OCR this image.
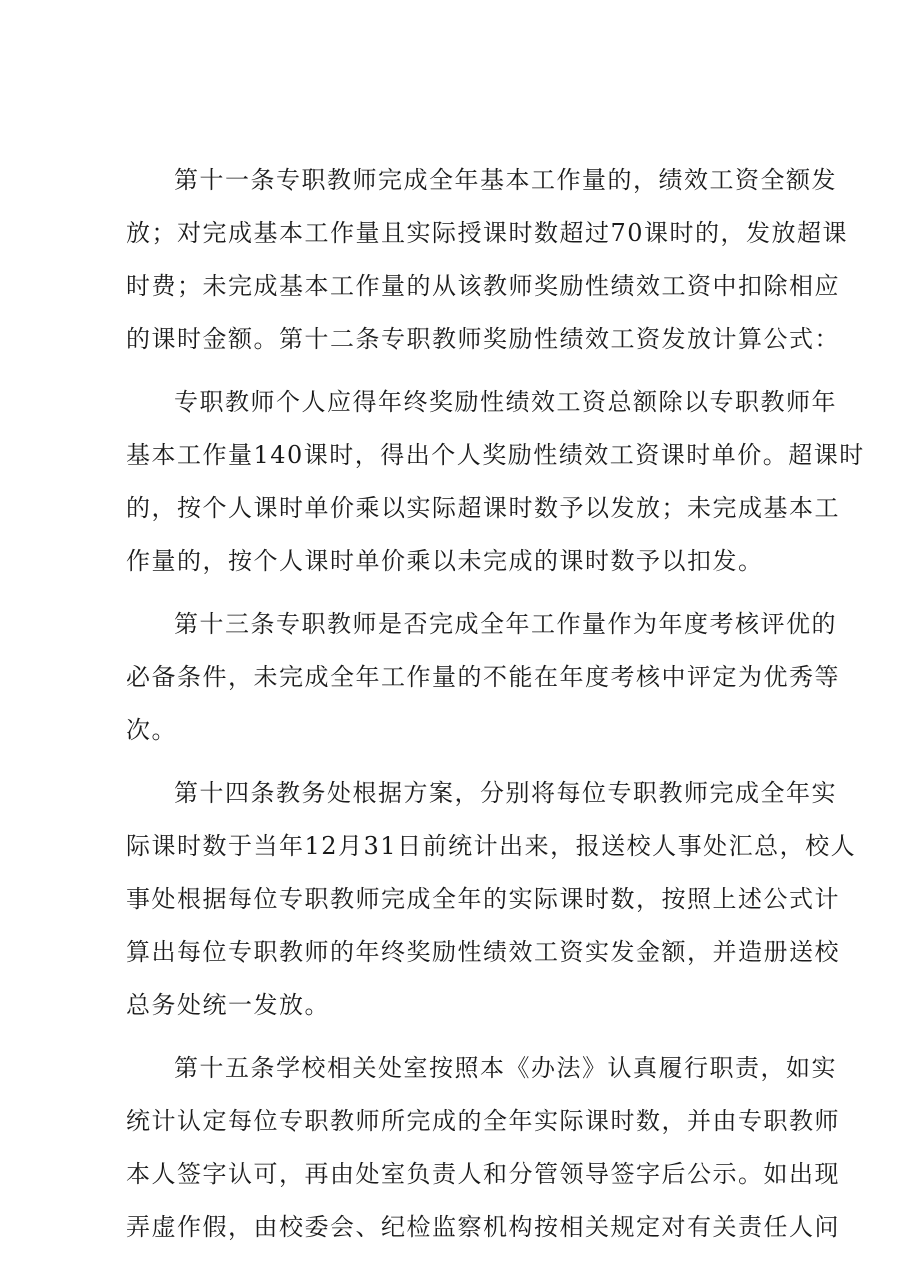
第十一条专职教师完成全年基本工作量的，绩效工资全额发
放；对完成基本工作量且实际授课时数超过70课时的，发放超课
时费；未完成基本工作量的从该教师奖励性绩效工资中扣除相应
的课时金额。第十二条专职教师奖励性绩效工资发放计算公式：
专职教师个人应得年终奖励性绩效工资总额除以专职教师年
基本工作量140课时，得出个人奖励性绩效工资课时单价。超课时
的，按个人课时单价乘以实际超课时数予以发放；未完成基本工
作量的，按个人课时单价乘以未完成的课时数予以扣发。
第十三条专职教师是否完成全年工作量作为年度考核评优的
必备条件，未完成全年工作量的不能在年度考核中评定为优秀等
次。
第十四条教务处根据方案，分别将每位专职教师完成全年实
际课时数于当年12月31日前统计出来，报送校人事处汇总，校人
事处根据每位专职教师完成全年的实际课时数，按照上述公式计
算出每位专职教师的年终奖励性绩效工资实发金额，并造册送校
总务处统一发放。
第十五条学校相关处室按照本《办法》认真履行职责，如实
统计认定每位专职教师所完成的全年实际课时数，并由专职教师
本人签字认可，再由处室负责人和分管领导签字后公示。如出现
弄虚作假，由校委会、纪检监察机构按相关规定对有关责任人问
